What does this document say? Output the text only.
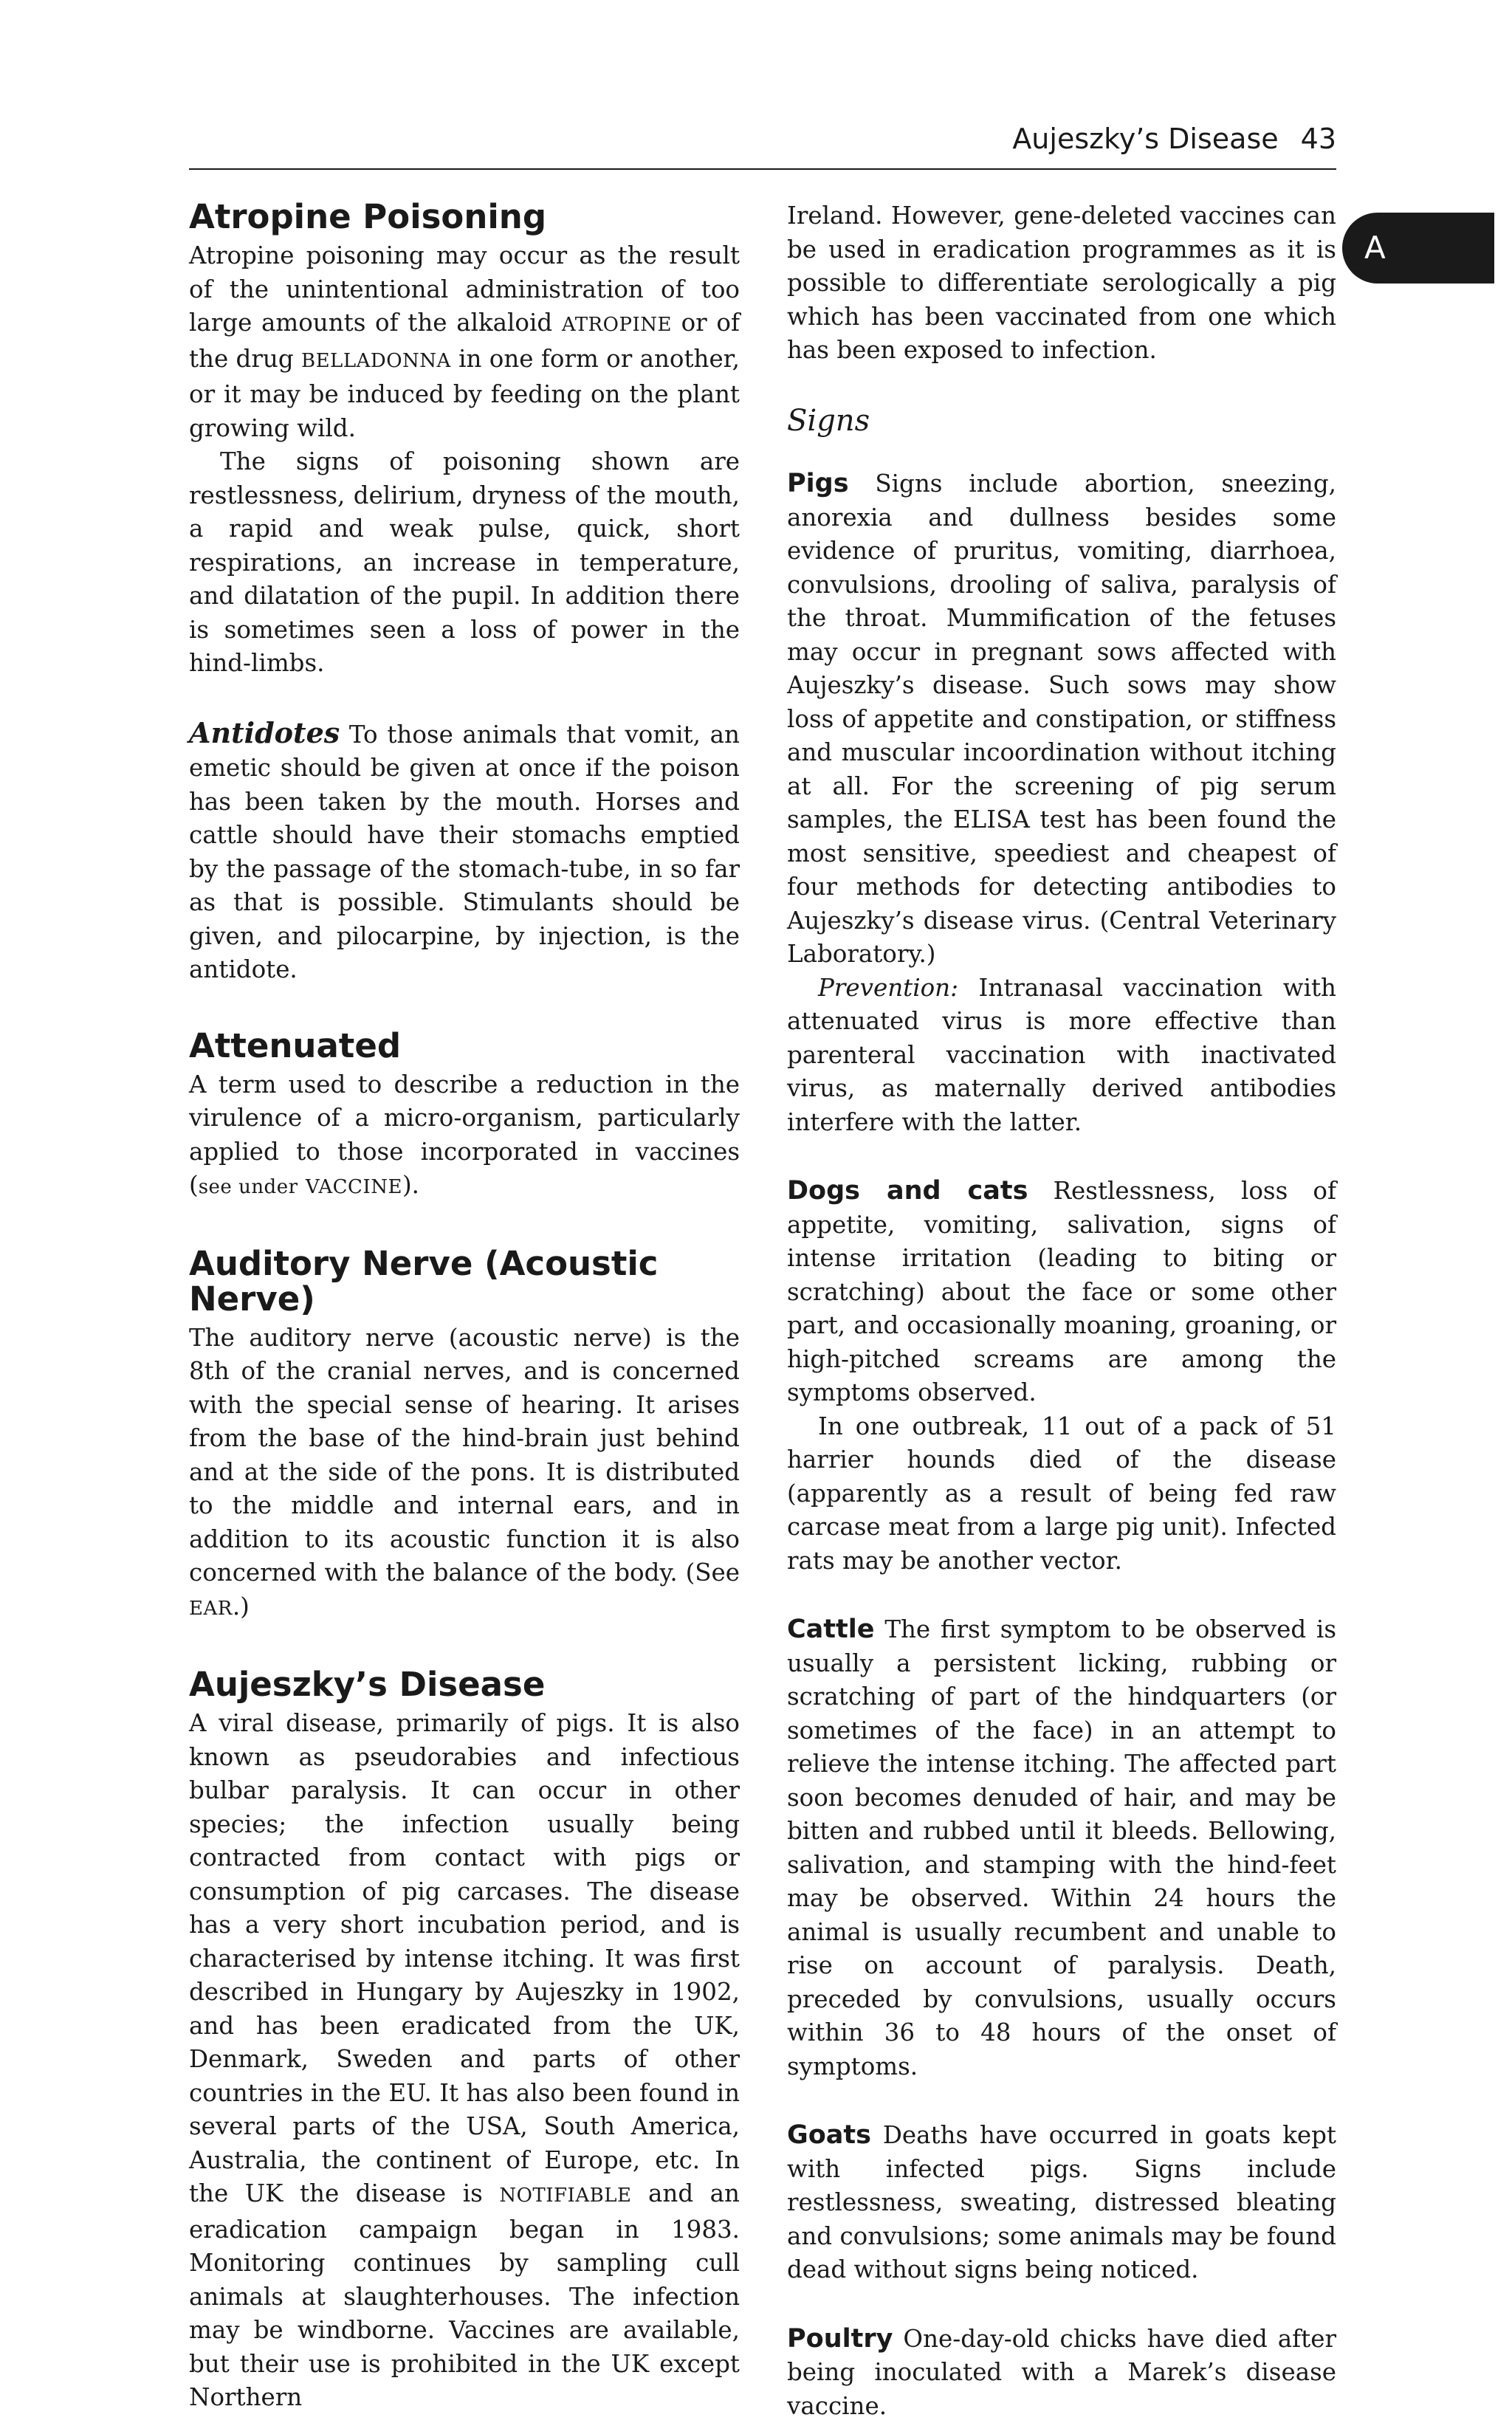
Aujeszky’s Disease 43
A
Atropine Poisoning

Atropine poisoning may occur as the result of the unintentional administration of too large amounts of the alkaloid ATROPINE or of the drug BELLADONNA in one form or another, or it may be induced by feeding on the plant growing wild.

The signs of poisoning shown are restlessness, delirium, dryness of the mouth, a rapid and weak pulse, quick, short respirations, an increase in temperature, and dilatation of the pupil. In addition there is sometimes seen a loss of power in the hind-limbs.

Antidotes To those animals that vomit, an emetic should be given at once if the poison has been taken by the mouth. Horses and cattle should have their stomachs emptied by the passage of the stomach-tube, in so far as that is possible. Stimulants should be given, and pilocarpine, by injection, is the antidote.

Attenuated

A term used to describe a reduction in the virulence of a micro-organism, particularly applied to those incorporated in vaccines (see under VACCINE).

Auditory Nerve (Acoustic Nerve)

The auditory nerve (acoustic nerve) is the 8th of the cranial nerves, and is concerned with the special sense of hearing. It arises from the base of the hind-brain just behind and at the side of the pons. It is distributed to the middle and internal ears, and in addition to its acoustic function it is also concerned with the balance of the body. (See EAR.)

Aujeszky’s Disease

A viral disease, primarily of pigs. It is also known as pseudorabies and infectious bulbar paralysis. It can occur in other species; the infection usually being contracted from contact with pigs or consumption of pig carcases. The disease has a very short incubation period, and is characterised by intense itching. It was first described in Hungary by Aujeszky in 1902, and has been eradicated from the UK, Denmark, Sweden and parts of other countries in the EU. It has also been found in several parts of the USA, South America, Australia, the continent of Europe, etc. In the UK the disease is NOTIFIABLE and an eradication campaign began in 1983. Monitoring continues by sampling cull animals at slaughterhouses. The infection may be windborne. Vaccines are available, but their use is prohibited in the UK except Northern

Ireland. However, gene-deleted vaccines can be used in eradication programmes as it is possible to differentiate serologically a pig which has been vaccinated from one which has been exposed to infection.

Signs

Pigs Signs include abortion, sneezing, anorexia and dullness besides some evidence of pruritus, vomiting, diarrhoea, convulsions, drooling of saliva, paralysis of the throat. Mummification of the fetuses may occur in pregnant sows affected with Aujeszky’s disease. Such sows may show loss of appetite and constipation, or stiffness and muscular incoordination without itching at all. For the screening of pig serum samples, the ELISA test has been found the most sensitive, speediest and cheapest of four methods for detecting antibodies to Aujeszky’s disease virus. (Central Veterinary Laboratory.)

Prevention: Intranasal vaccination with attenuated virus is more effective than parenteral vaccination with inactivated virus, as maternally derived antibodies interfere with the latter.

Dogs and cats Restlessness, loss of appetite, vomiting, salivation, signs of intense irritation (leading to biting or scratching) about the face or some other part, and occasionally moaning, groaning, or high-pitched screams are among the symptoms observed.

In one outbreak, 11 out of a pack of 51 harrier hounds died of the disease (apparently as a result of being fed raw carcase meat from a large pig unit). Infected rats may be another vector.

Cattle The first symptom to be observed is usually a persistent licking, rubbing or scratching of part of the hindquarters (or sometimes of the face) in an attempt to relieve the intense itching. The affected part soon becomes denuded of hair, and may be bitten and rubbed until it bleeds. Bellowing, salivation, and stamping with the hind-feet may be observed. Within 24 hours the animal is usually recumbent and unable to rise on account of paralysis. Death, preceded by convulsions, usually occurs within 36 to 48 hours of the onset of symptoms.

Goats Deaths have occurred in goats kept with infected pigs. Signs include restlessness, sweating, distressed bleating and convulsions; some animals may be found dead without signs being noticed.

Poultry One-day-old chicks have died after being inoculated with a Marek’s disease vaccine.
